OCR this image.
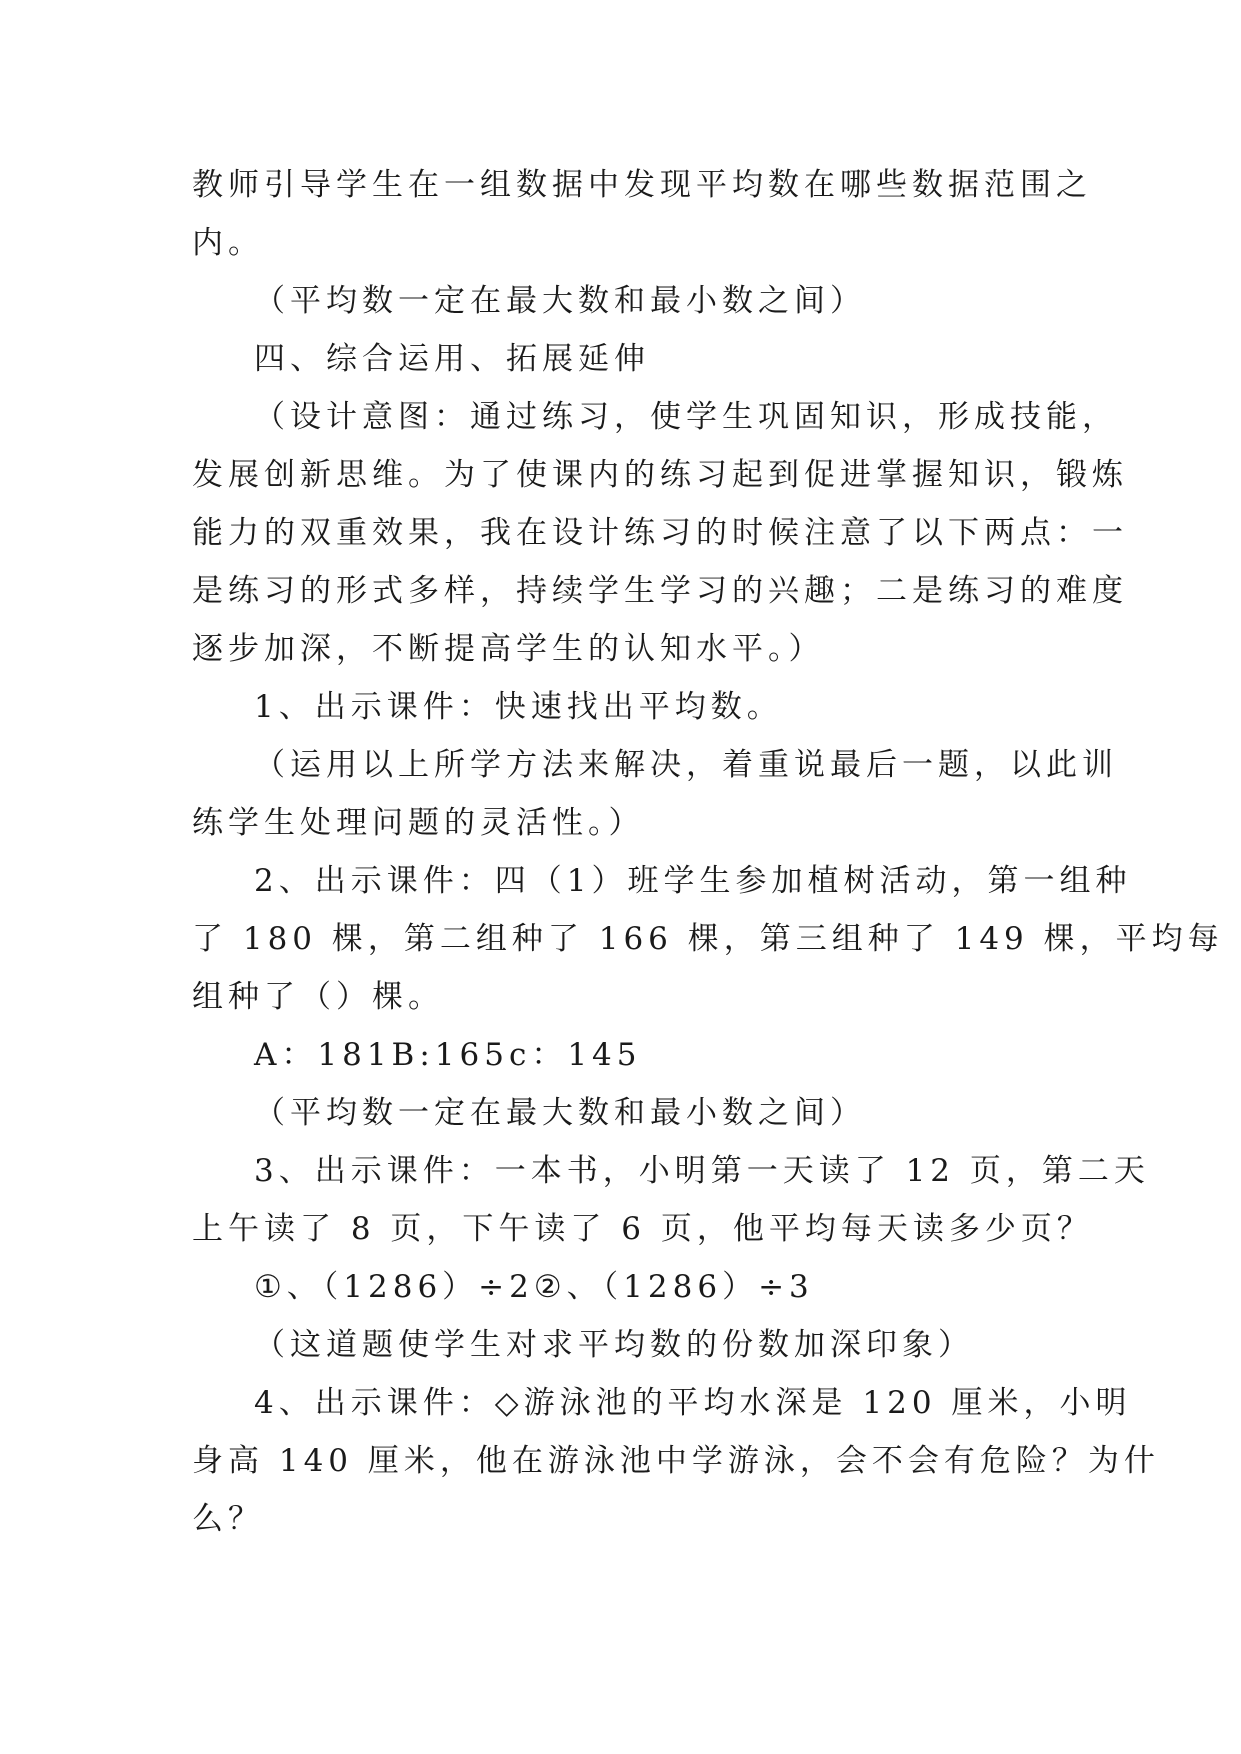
教师引导学生在一组数据中发现平均数在哪些数据范围之
内。
（平均数一定在最大数和最小数之间）
四、综合运用、拓展延伸
（设计意图：通过练习，使学生巩固知识，形成技能，
发展创新思维。为了使课内的练习起到促进掌握知识，锻炼
能力的双重效果，我在设计练习的时候注意了以下两点：一
是练习的形式多样，持续学生学习的兴趣；二是练习的难度
逐步加深，不断提高学生的认知水平。）
1、出示课件：快速找出平均数。
（运用以上所学方法来解决，着重说最后一题，以此训
练学生处理问题的灵活性。）
2、出示课件：四（1）班学生参加植树活动，第一组种
了 180 棵，第二组种了 166 棵，第三组种了 149 棵，平均每
组种了（）棵。
A：181B:165c：145
（平均数一定在最大数和最小数之间）
3、出示课件：一本书，小明第一天读了 12 页，第二天
上午读了 8 页，下午读了 6 页，他平均每天读多少页？
①、（1286）÷2②、（1286）÷3
（这道题使学生对求平均数的份数加深印象）
4、出示课件：◇游泳池的平均水深是 120 厘米，小明
身高 140 厘米，他在游泳池中学游泳，会不会有危险？为什
么？
